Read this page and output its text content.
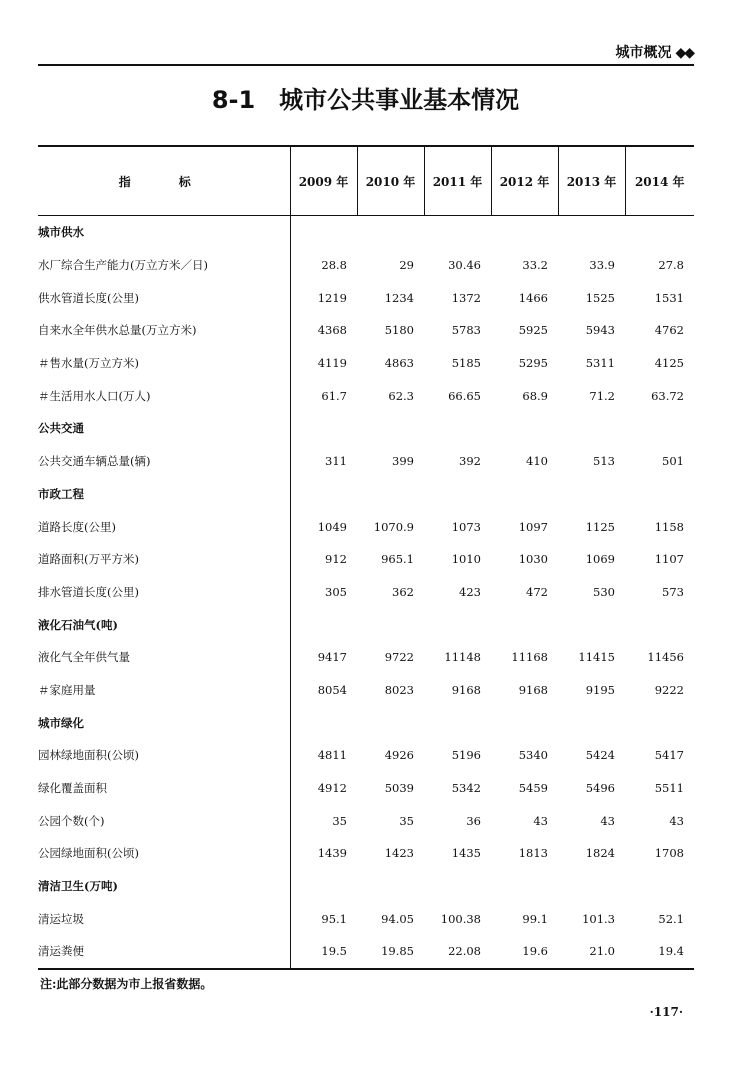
城市概况 ◆◆
8-1　城市公共事业基本情况
指　标	2009 年	2010 年	2011 年	2012 年	2013 年	2014 年
城市供水						
水厂综合生产能力(万立方米／日)	28.8	29	30.46	33.2	33.9	27.8
供水管道长度(公里)	1219	1234	1372	1466	1525	1531
自来水全年供水总量(万立方米)	4368	5180	5783	5925	5943	4762
＃售水量(万立方米)	4119	4863	5185	5295	5311	4125
＃生活用水人口(万人)	61.7	62.3	66.65	68.9	71.2	63.72
公共交通						
公共交通车辆总量(辆)	311	399	392	410	513	501
市政工程						
道路长度(公里)	1049	1070.9	1073	1097	1125	1158
道路面积(万平方米)	912	965.1	1010	1030	1069	1107
排水管道长度(公里)	305	362	423	472	530	573
液化石油气(吨)						
液化气全年供气量	9417	9722	11148	11168	11415	11456
＃家庭用量	8054	8023	9168	9168	9195	9222
城市绿化						
园林绿地面积(公顷)	4811	4926	5196	5340	5424	5417
绿化覆盖面积	4912	5039	5342	5459	5496	5511
公园个数(个)	35	35	36	43	43	43
公园绿地面积(公顷)	1439	1423	1435	1813	1824	1708
清洁卫生(万吨)						
清运垃圾	95.1	94.05	100.38	99.1	101.3	52.1
清运粪便	19.5	19.85	22.08	19.6	21.0	19.4
注:此部分数据为市上报省数据。
·117·
